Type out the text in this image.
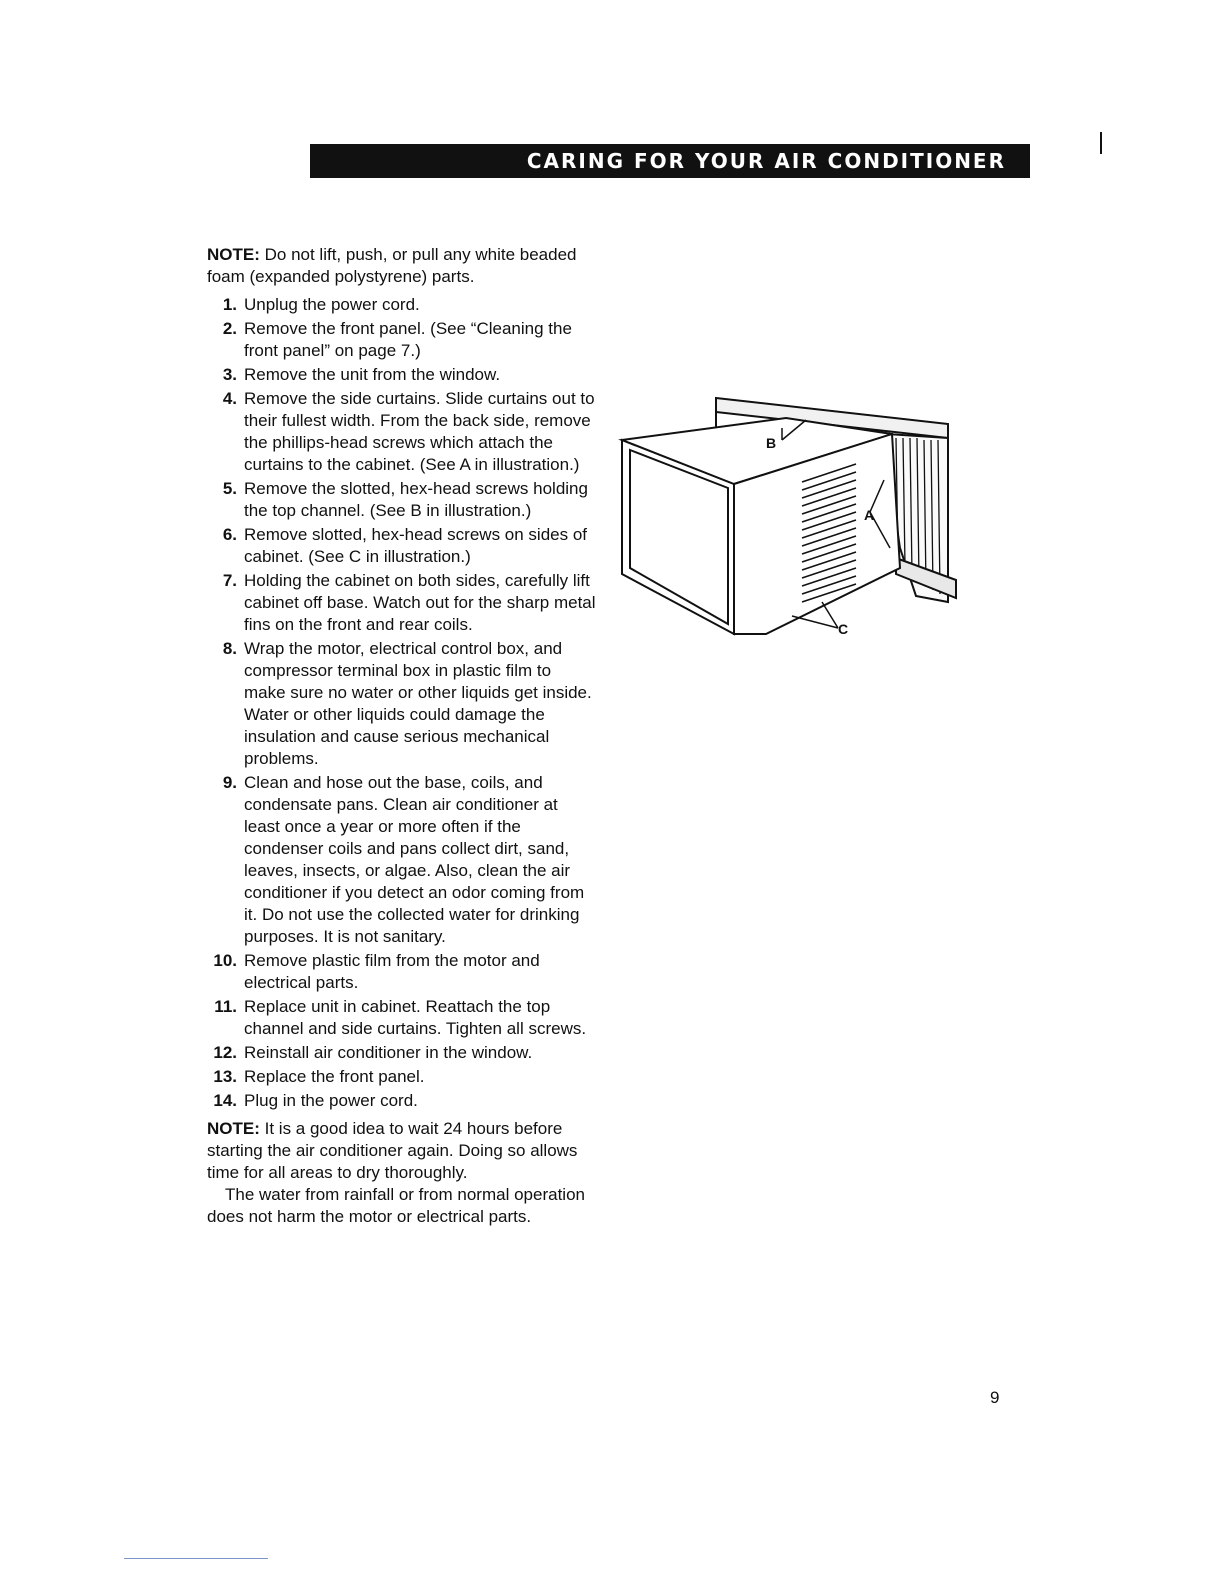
CARING FOR YOUR AIR CONDITIONER

NOTE: Do not lift, push, or pull any white beaded foam (expanded polystyrene) parts.

1. Unplug the power cord.
2. Remove the front panel. (See “Cleaning the front panel” on page 7.)
3. Remove the unit from the window.
4. Remove the side curtains. Slide curtains out to their fullest width. From the back side, remove the phillips-head screws which attach the curtains to the cabinet. (See A in illustration.)
5. Remove the slotted, hex-head screws holding the top channel. (See B in illustration.)
6. Remove slotted, hex-head screws on sides of cabinet. (See C in illustration.)
7. Holding the cabinet on both sides, carefully lift cabinet off base. Watch out for the sharp metal fins on the front and rear coils.
8. Wrap the motor, electrical control box, and compressor terminal box in plastic film to make sure no water or other liquids get inside. Water or other liquids could damage the insulation and cause serious mechanical problems.
9. Clean and hose out the base, coils, and condensate pans. Clean air conditioner at least once a year or more often if the condenser coils and pans collect dirt, sand, leaves, insects, or algae. Also, clean the air conditioner if you detect an odor coming from it. Do not use the collected water for drinking purposes. It is not sanitary.
10. Remove plastic film from the motor and electrical parts.
11. Replace unit in cabinet. Reattach the top channel and side curtains. Tighten all screws.
12. Reinstall air conditioner in the window.
13. Replace the front panel.
14. Plug in the power cord.

NOTE: It is a good idea to wait 24 hours before starting the air conditioner again. Doing so allows time for all areas to dry thoroughly.

The water from rainfall or from normal operation does not harm the motor or electrical parts.

B
A
C
9
